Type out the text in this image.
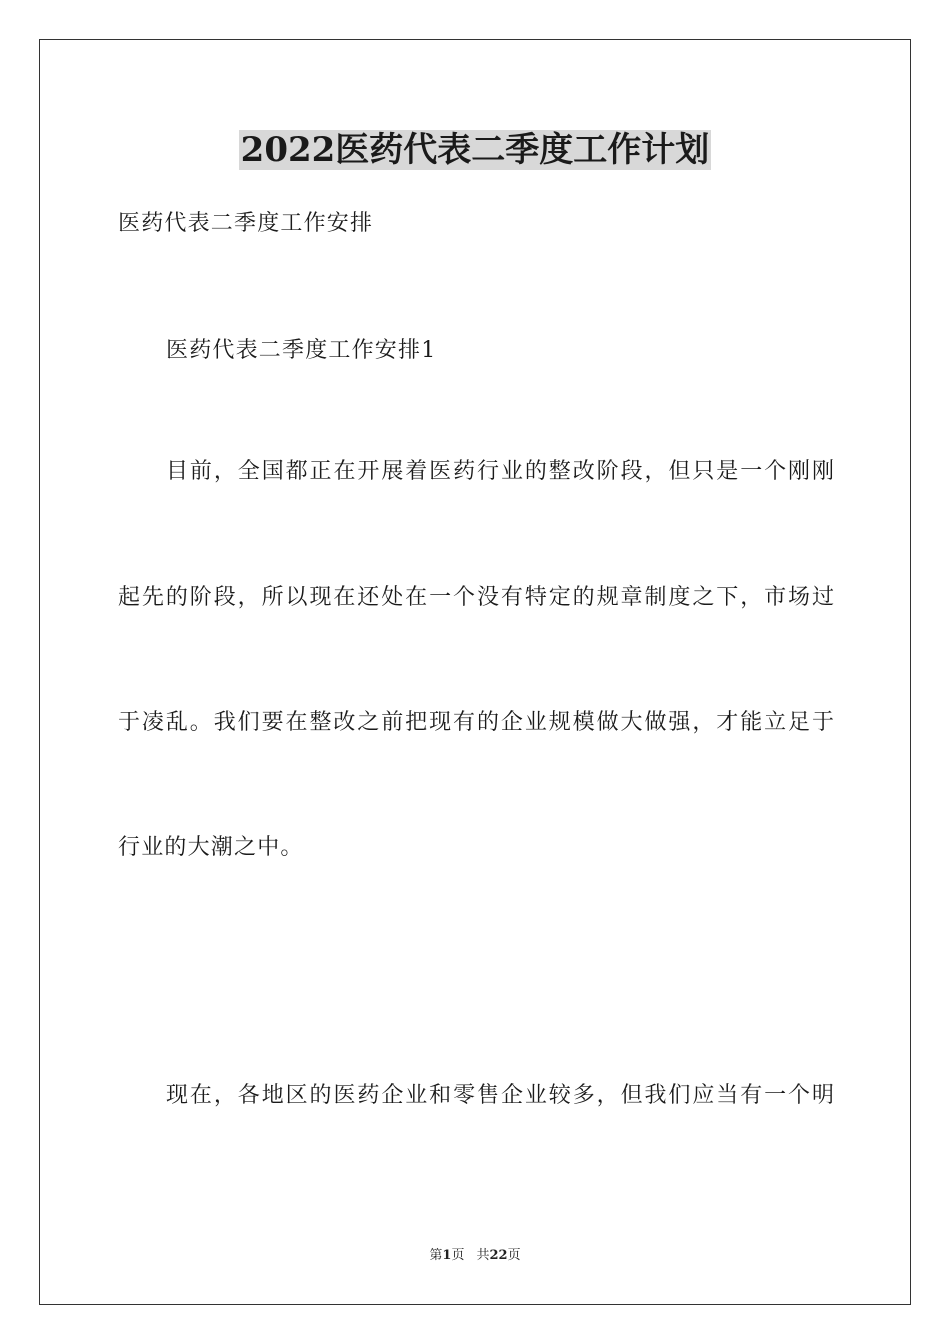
2022医药代表二季度工作计划
医药代表二季度工作安排
医药代表二季度工作安排1
目前，全国都正在开展着医药行业的整改阶段，但只是一个刚刚
起先的阶段，所以现在还处在一个没有特定的规章制度之下，市场过
于凌乱。我们要在整改之前把现有的企业规模做大做强，才能立足于
行业的大潮之中。
现在，各地区的医药企业和零售企业较多，但我们应当有一个明
第1页 共22页
